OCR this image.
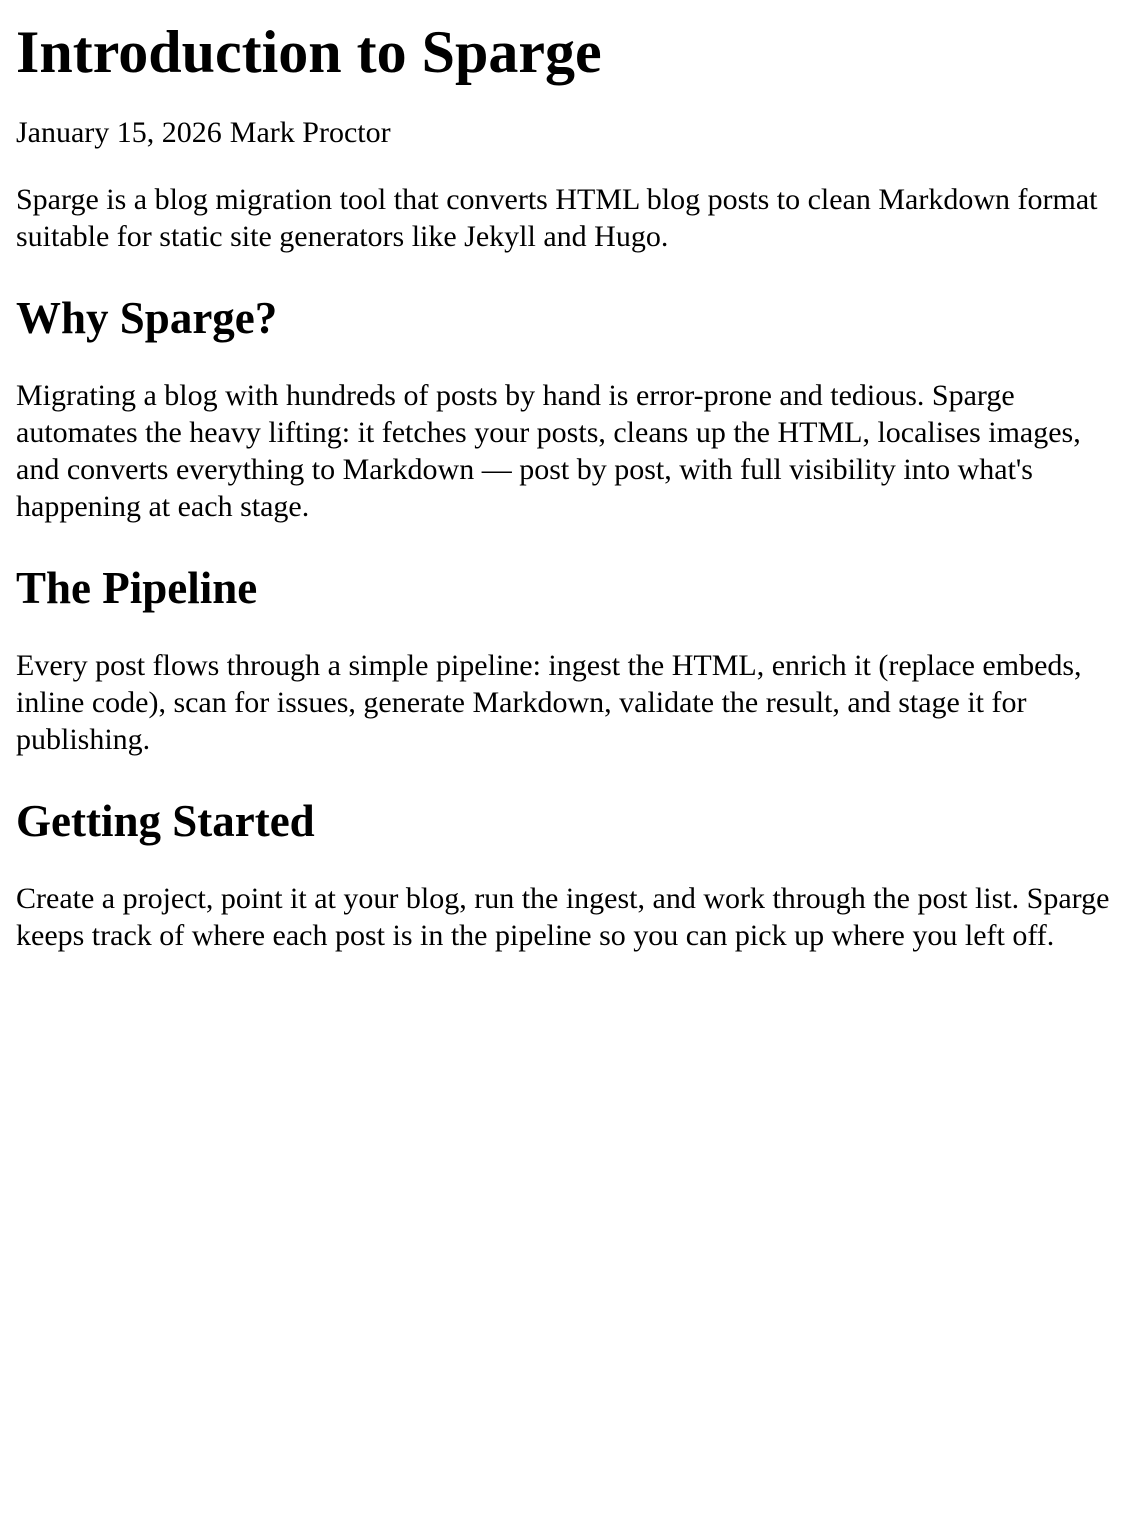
Introduction to Sparge
January 15, 2026 Mark Proctor

Sparge is a blog migration tool that converts HTML blog posts to clean Markdown format suitable for static site generators like Jekyll and Hugo.

Why Sparge?

Migrating a blog with hundreds of posts by hand is error-prone and tedious. Sparge automates the heavy lifting: it fetches your posts, cleans up the HTML, localises images, and converts everything to Markdown — post by post, with full visibility into what's happening at each stage.

The Pipeline

Every post flows through a simple pipeline: ingest the HTML, enrich it (replace embeds, inline code), scan for issues, generate Markdown, validate the result, and stage it for publishing.

Getting Started

Create a project, point it at your blog, run the ingest, and work through the post list. Sparge keeps track of where each post is in the pipeline so you can pick up where you left off.
